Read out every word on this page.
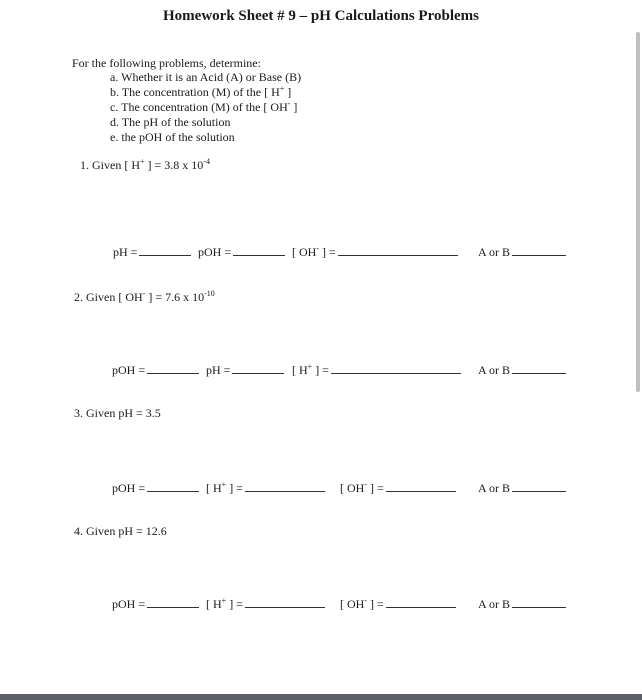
Homework Sheet # 9 – pH Calculations Problems
For the following problems, determine:
a. Whether it is an Acid (A) or Base (B)
b. The concentration (M) of the [ H+ ]
c. The concentration (M) of the [ OH- ]
d. The pH of the solution
e. the pOH of the solution
1. Given [ H+ ] = 3.8 x $10^{-4}$
pH =	pOH =	[ OH- ] =	A or B
2. Given [ OH- ] = 7.6 x $10^{-10}$
pOH =	pH =	[ H+ ] =	A or B
3. Given pH = 3.5
pOH =	[ H+ ] =	[ OH- ] =	A or B
4. Given pH = 12.6
pOH =	[ H+ ] =	[ OH- ] =	A or B
